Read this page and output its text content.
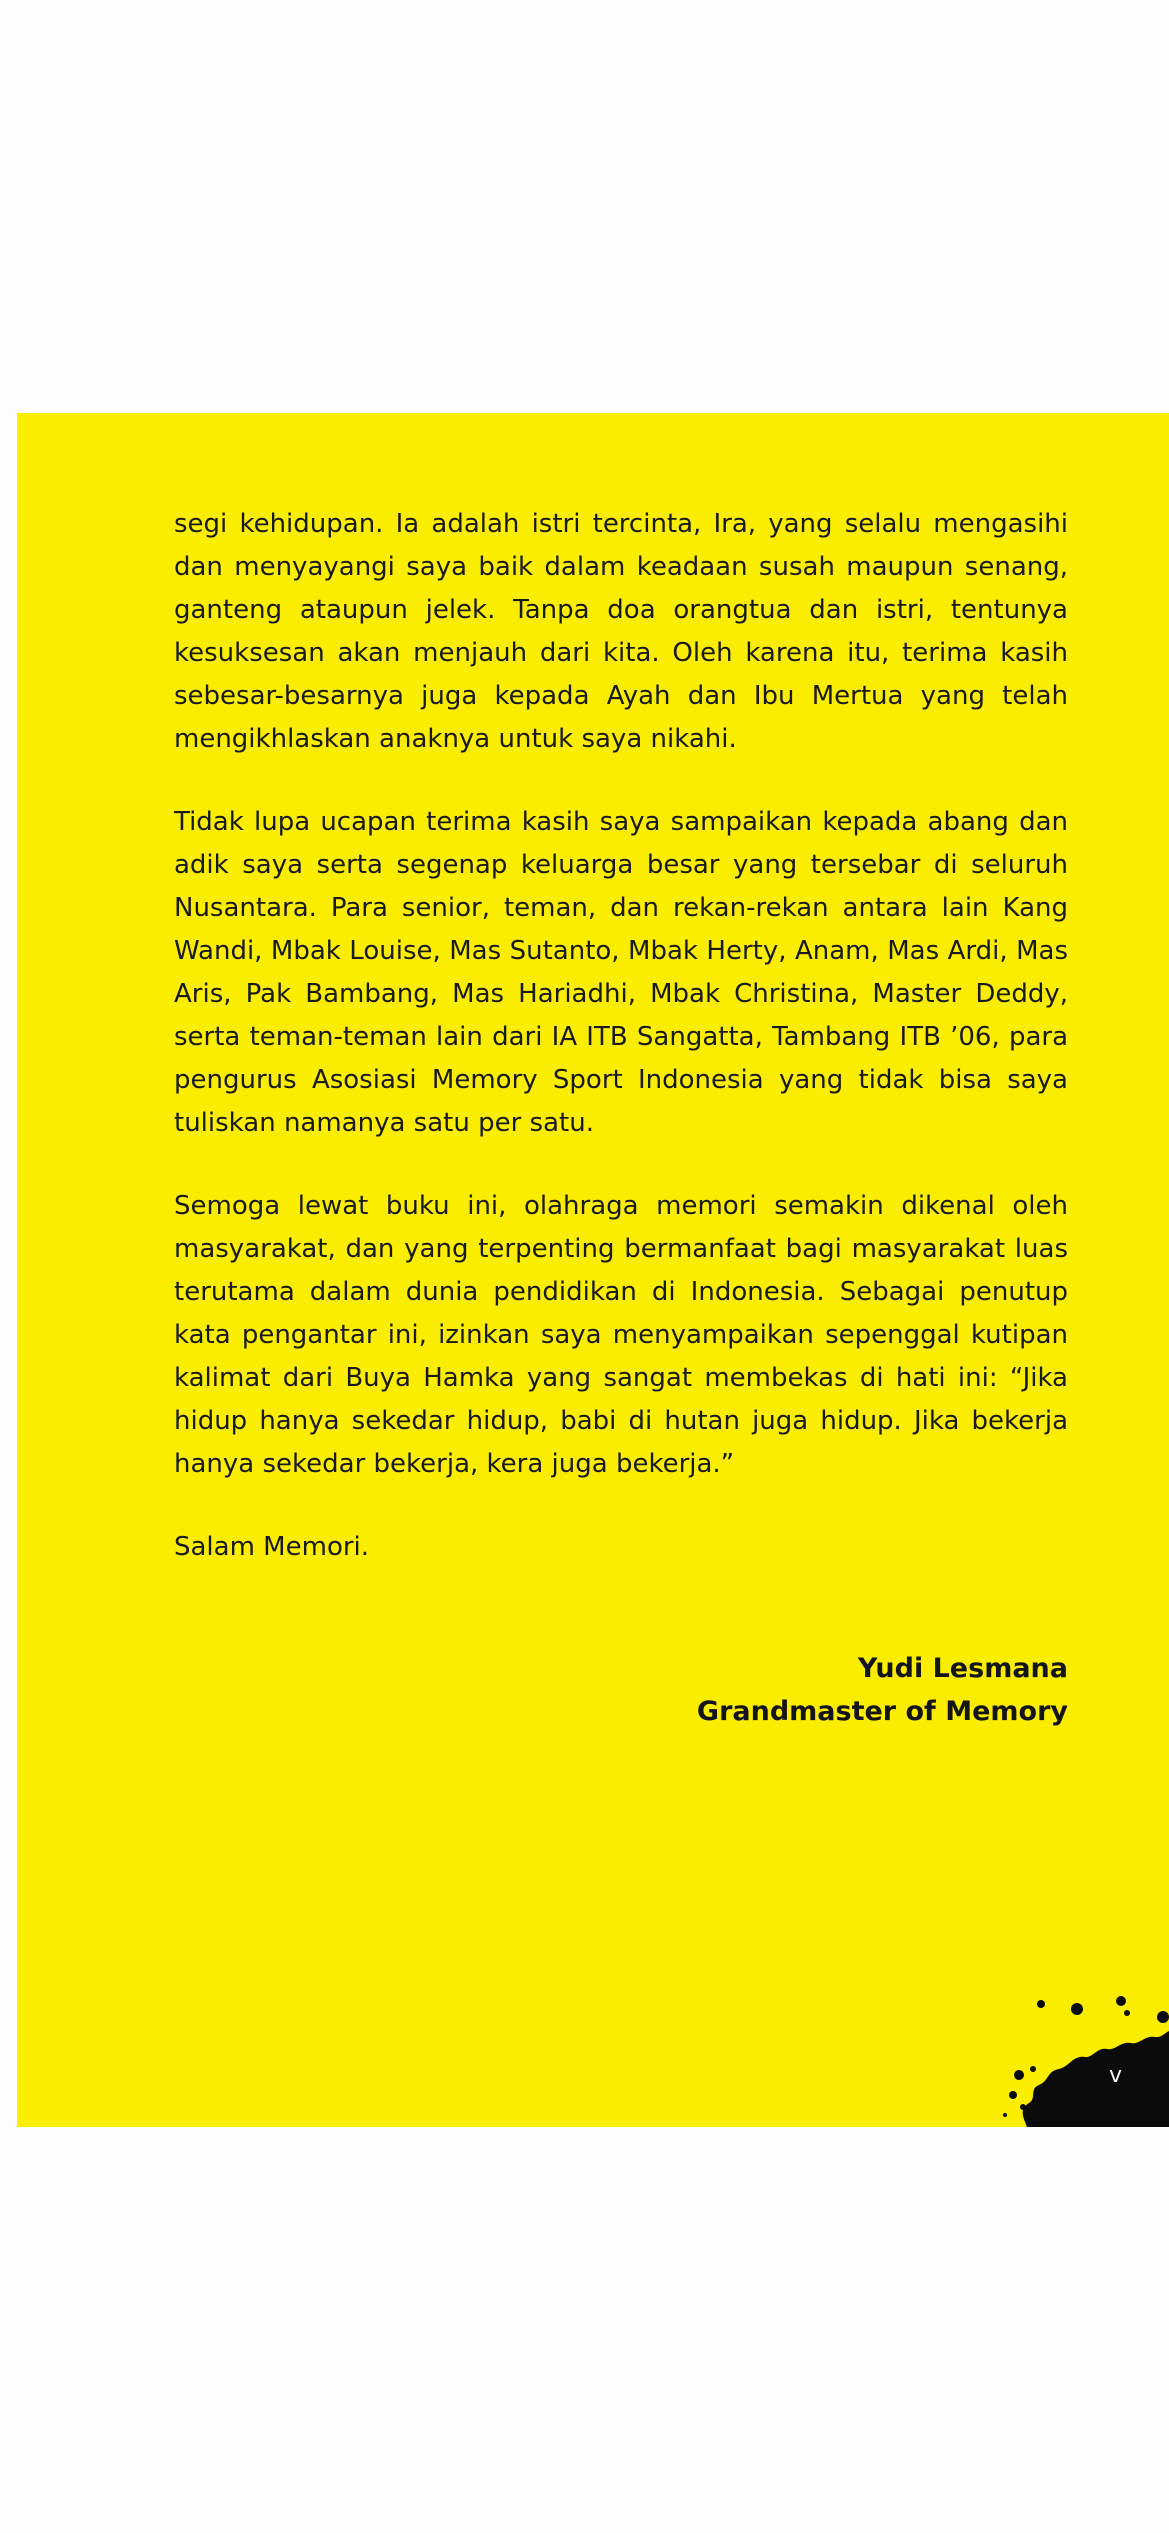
segi kehidupan. Ia adalah istri tercinta, Ira, yang selalu mengasihi dan menyayangi saya baik dalam keadaan susah maupun senang, ganteng ataupun jelek. Tanpa doa orangtua dan istri, tentunya kesuksesan akan menjauh dari kita. Oleh karena itu, terima kasih sebesar-besarnya juga kepada Ayah dan Ibu Mertua yang telah mengikhlaskan anaknya untuk saya nikahi.

Tidak lupa ucapan terima kasih saya sampaikan kepada abang dan adik saya serta segenap keluarga besar yang tersebar di seluruh Nusantara. Para senior, teman, dan rekan-rekan antara lain Kang Wandi, Mbak Louise, Mas Sutanto, Mbak Herty, Anam, Mas Ardi, Mas Aris, Pak Bambang, Mas Hariadhi, Mbak Christina, Master Deddy, serta teman-teman lain dari IA ITB Sangatta, Tambang ITB ’06, para pengurus Asosiasi Memory Sport Indonesia yang tidak bisa saya tuliskan namanya satu per satu.

Semoga lewat buku ini, olahraga memori semakin dikenal oleh masyarakat, dan yang terpenting bermanfaat bagi masyarakat luas terutama dalam dunia pendidikan di Indonesia. Sebagai penutup kata pengantar ini, izinkan saya menyampaikan sepenggal kutipan kalimat dari Buya Hamka yang sangat membekas di hati ini: “Jika hidup hanya sekedar hidup, babi di hutan juga hidup. Jika bekerja hanya sekedar bekerja, kera juga bekerja.”

Salam Memori.

Yudi Lesmana
Grandmaster of Memory
v
